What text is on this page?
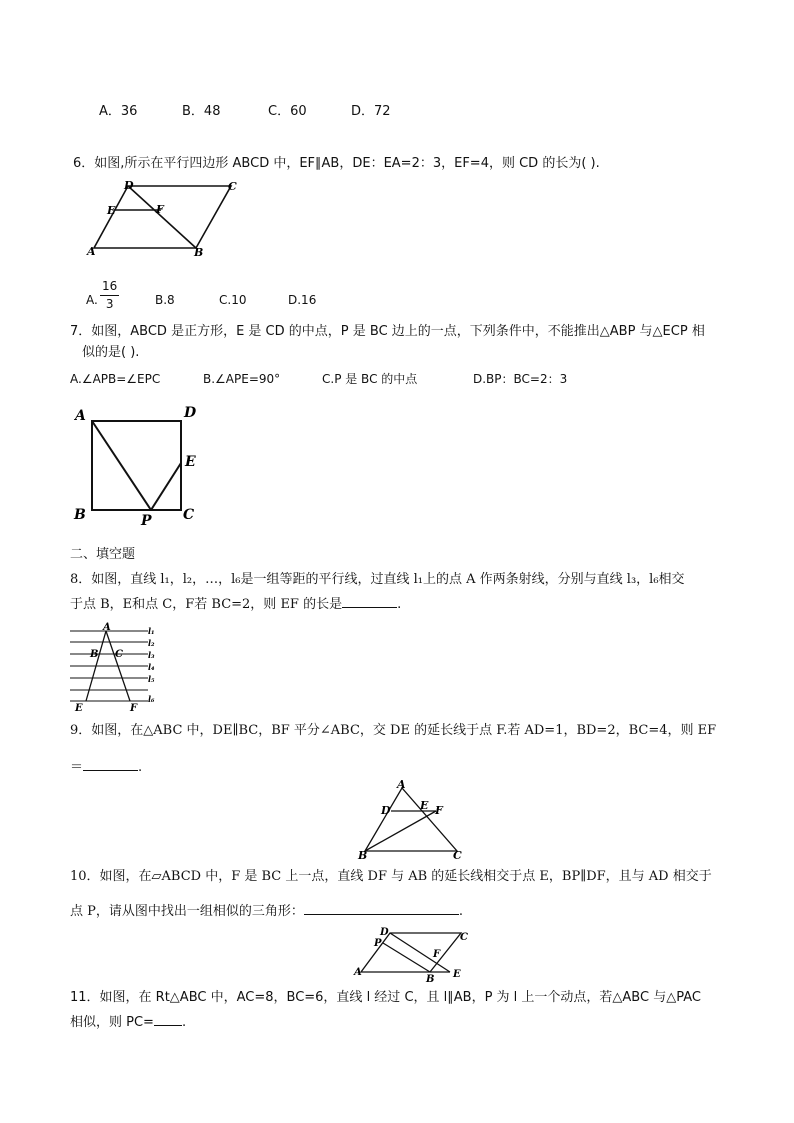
A．36	B．48	C．60	D．72
6．如图,所示在平行四边形 ABCD 中，EF∥AB，DE：EA=2：3，EF=4，则 CD 的长为( ).
D	C
E	F
A	B
A. $\frac{16}{3}$	B.8	C.10	D.16
7．如图，ABCD 是正方形，E 是 CD 的中点，P 是 BC 边上的一点，下列条件中，不能推出△ABP 与△ECP 相
似的是( ).
A.∠APB=∠EPC	B.∠APE=90°	C.P 是 BC 的中点	D.BP：BC=2：3
A	D
E
B	P C
二、填空题
8．如图，直线 l₁，l₂，…，l₆是一组等距的平行线，过直线 l₁上的点 A 作两条射线，分别与直线 l₃，l₆相交
于点 B，E和点 C，F若 BC=2，则 EF 的长是	.
A
B C
E	F
l₁
l₂
l₃
l₄
l₅
l₆
9．如图，在△ABC 中，DE∥BC，BF 平分∠ABC，交 DE 的延长线于点 F.若 AD=1，BD=2，BC=4，则 EF
＝	.
A
D	E F
B	C
10．如图，在▱ABCD 中，F 是 BC 上一点，直线 DF 与 AB 的延长线相交于点 E，BP∥DF，且与 AD 相交于
点 P，请从图中找出一组相似的三角形：	.
D	C
P
F
A
B E
11．如图，在 Rt△ABC 中，AC=8，BC=6，直线 l 经过 C，且 l∥AB，P 为 l 上一个动点，若△ABC 与△PAC
相似，则 PC= .
